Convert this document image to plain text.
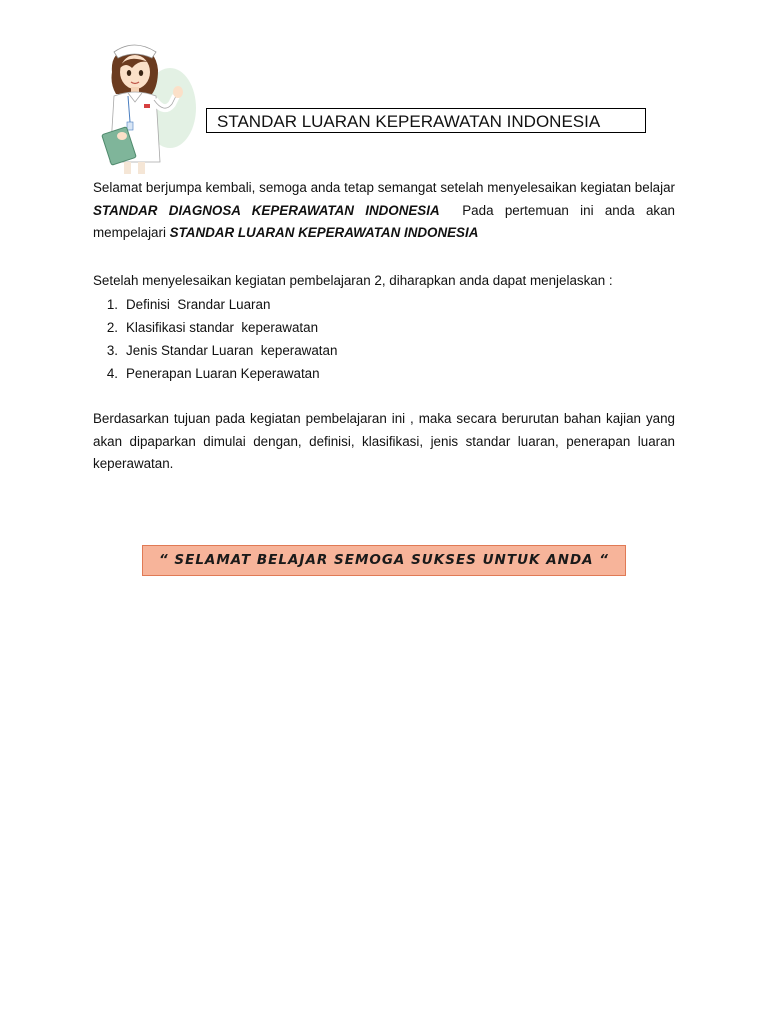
STANDAR LUARAN KEPERAWATAN INDONESIA

Selamat berjumpa kembali, semoga anda tetap semangat setelah menyelesaikan kegiatan belajar STANDAR DIAGNOSA KEPERAWATAN INDONESIA  Pada pertemuan ini anda akan mempelajari STANDAR LUARAN KEPERAWATAN INDONESIA

Setelah menyelesaikan kegiatan pembelajaran 2, diharapkan anda dapat menjelaskan :

1. Definisi  Srandar Luaran
2. Klasifikasi standar  keperawatan
3. Jenis Standar Luaran  keperawatan
4. Penerapan Luaran Keperawatan

Berdasarkan tujuan pada kegiatan pembelajaran ini , maka secara berurutan bahan kajian yang akan dipaparkan dimulai dengan, definisi, klasifikasi, jenis standar luaran, penerapan luaran keperawatan.

“ SELAMAT BELAJAR SEMOGA SUKSES UNTUK ANDA “
